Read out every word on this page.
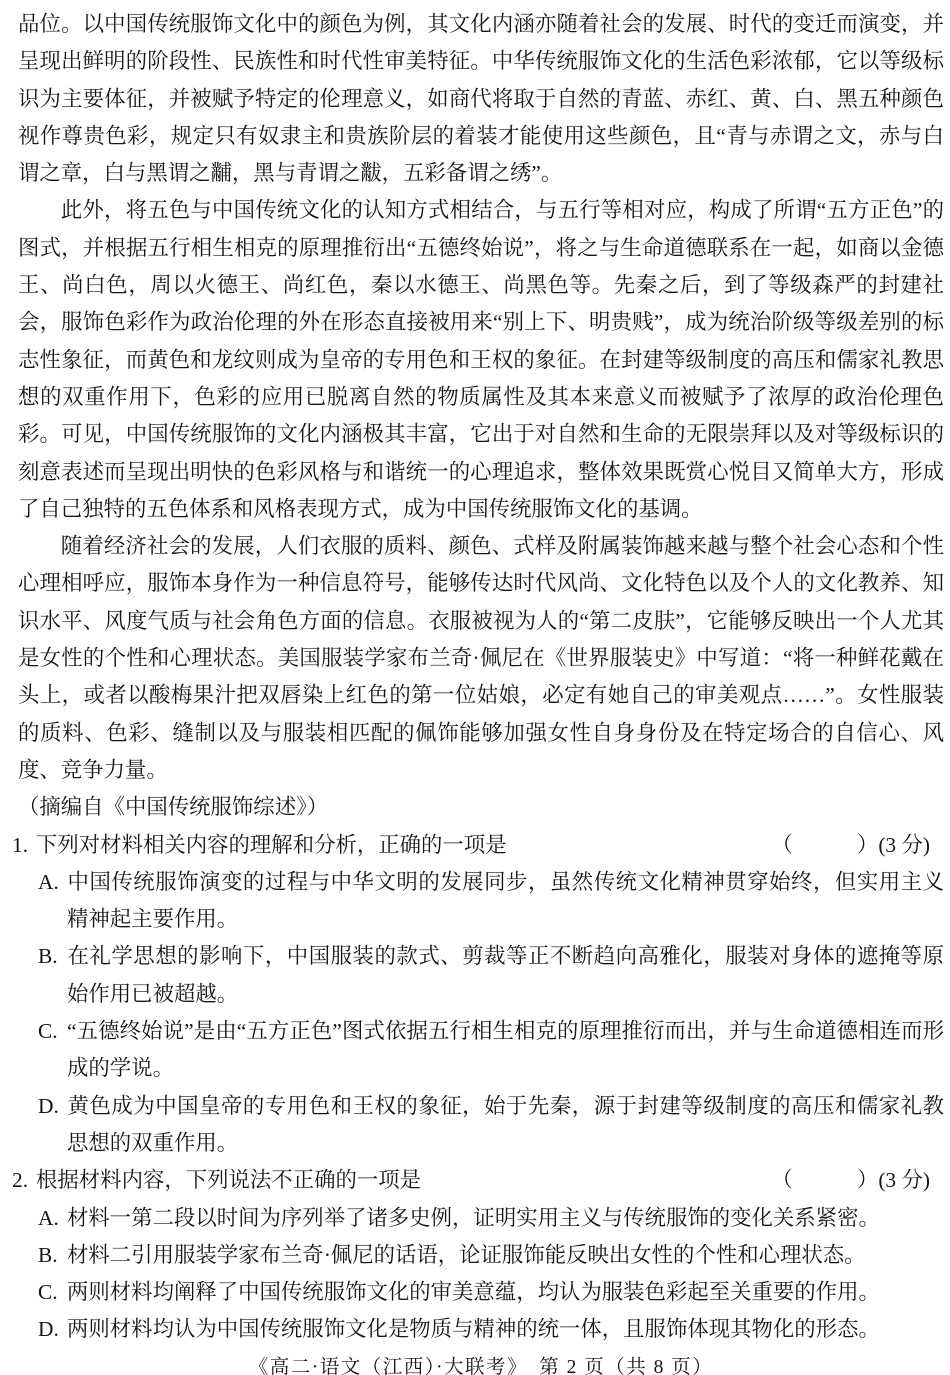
品位。以中国传统服饰文化中的颜色为例，其文化内涵亦随着社会的发展、时代的变迁而演变，并呈现出鲜明的阶段性、民族性和时代性审美特征。中华传统服饰文化的生活色彩浓郁，它以等级标识为主要体征，并被赋予特定的伦理意义，如商代将取于自然的青蓝、赤红、黄、白、黑五种颜色视作尊贵色彩，规定只有奴隶主和贵族阶层的着装才能使用这些颜色，且“青与赤谓之文，赤与白谓之章，白与黑谓之黼，黑与青谓之黻，五彩备谓之绣”。

此外，将五色与中国传统文化的认知方式相结合，与五行等相对应，构成了所谓“五方正色”的图式，并根据五行相生相克的原理推衍出“五德终始说”，将之与生命道德联系在一起，如商以金德王、尚白色，周以火德王、尚红色，秦以水德王、尚黑色等。先秦之后，到了等级森严的封建社会，服饰色彩作为政治伦理的外在形态直接被用来“别上下、明贵贱”，成为统治阶级等级差别的标志性象征，而黄色和龙纹则成为皇帝的专用色和王权的象征。在封建等级制度的高压和儒家礼教思想的双重作用下，色彩的应用已脱离自然的物质属性及其本来意义而被赋予了浓厚的政治伦理色彩。可见，中国传统服饰的文化内涵极其丰富，它出于对自然和生命的无限崇拜以及对等级标识的刻意表述而呈现出明快的色彩风格与和谐统一的心理追求，整体效果既赏心悦目又简单大方，形成了自己独特的五色体系和风格表现方式，成为中国传统服饰文化的基调。

随着经济社会的发展，人们衣服的质料、颜色、式样及附属装饰越来越与整个社会心态和个性心理相呼应，服饰本身作为一种信息符号，能够传达时代风尚、文化特色以及个人的文化教养、知识水平、风度气质与社会角色方面的信息。衣服被视为人的“第二皮肤”，它能够反映出一个人尤其是女性的个性和心理状态。美国服装学家布兰奇·佩尼在《世界服装史》中写道：“将一种鲜花戴在头上，或者以酸梅果汁把双唇染上红色的第一位姑娘，必定有她自己的审美观点……”。女性服装的质料、色彩、缝制以及与服装相匹配的佩饰能够加强女性自身身份及在特定场合的自信心、风度、竞争力量。

（摘编自《中国传统服饰综述》）

1. 下列对材料相关内容的理解和分析，正确的一项是	（　　　）(3 分)

A. 中国传统服饰演变的过程与中华文明的发展同步，虽然传统文化精神贯穿始终，但实用主义精神起主要作用。

B. 在礼学思想的影响下，中国服装的款式、剪裁等正不断趋向高雅化，服装对身体的遮掩等原始作用已被超越。

C. “五德终始说”是由“五方正色”图式依据五行相生相克的原理推衍而出，并与生命道德相连而形成的学说。

D. 黄色成为中国皇帝的专用色和王权的象征，始于先秦，源于封建等级制度的高压和儒家礼教思想的双重作用。

2. 根据材料内容，下列说法不正确的一项是	（　　　）(3 分)

A. 材料一第二段以时间为序列举了诸多史例，证明实用主义与传统服饰的变化关系紧密。

B. 材料二引用服装学家布兰奇·佩尼的话语，论证服饰能反映出女性的个性和心理状态。

C. 两则材料均阐释了中国传统服饰文化的审美意蕴，均认为服装色彩起至关重要的作用。

D. 两则材料均认为中国传统服饰文化是物质与精神的统一体，且服饰体现其物化的形态。

《高二·语文（江西）·大联考》　第 2 页（共 8 页）
